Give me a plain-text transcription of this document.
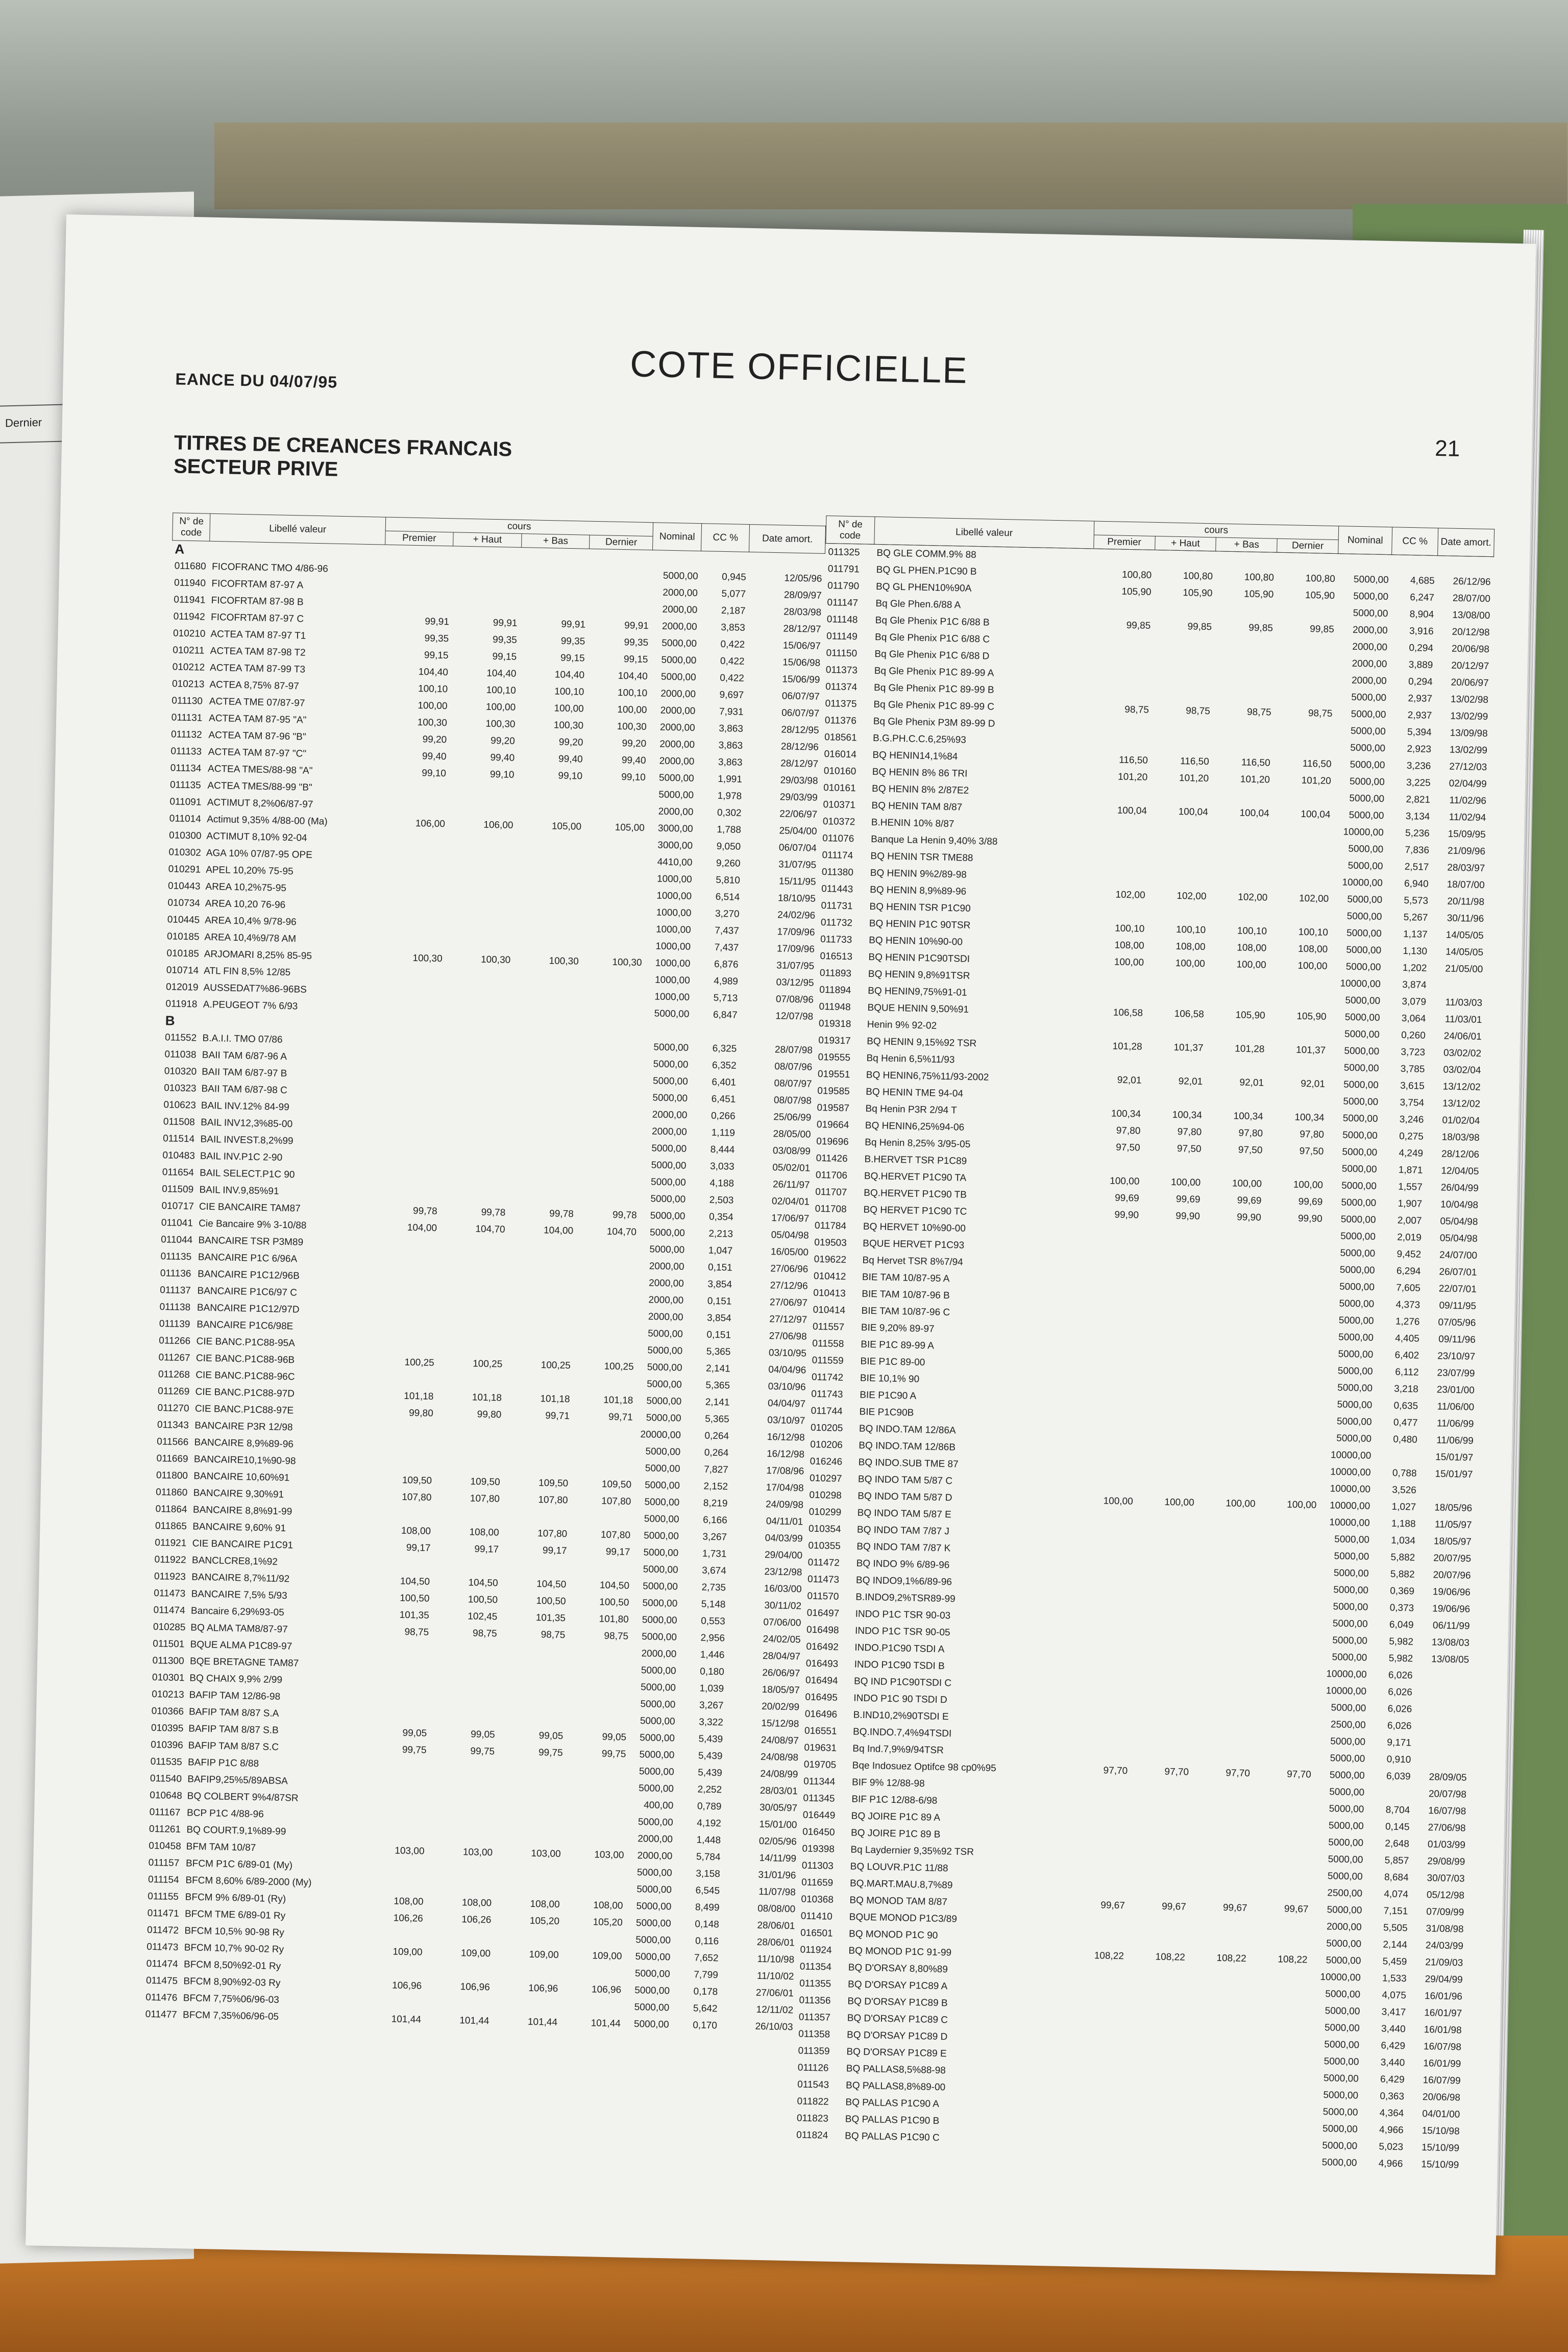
Dernier
EANCE DU 04/07/95	COTE OFFICIELLE
21
TITRES DE CREANCES FRANCAIS
SECTEUR PRIVE
N° de code	Libellé valeur	cours				Nominal	CC %	Date amort.
		Premier	+ Haut	+ Bas	Dernier			
A								
011680	FICOFRANC TMO 4/86-96					5000,00	0,945	12/05/96
011940	FICOFRTAM 87-97 A					2000,00	5,077	28/09/97
011941	FICOFRTAM 87-98 B					2000,00	2,187	28/03/98
011942	FICOFRTAM 87-97 C	99,91	99,91	99,91	99,91	2000,00	3,853	28/12/97
010210	ACTEA TAM 87-97 T1	99,35	99,35	99,35	99,35	5000,00	0,422	15/06/97
010211	ACTEA TAM 87-98 T2	99,15	99,15	99,15	99,15	5000,00	0,422	15/06/98
010212	ACTEA TAM 87-99 T3	104,40	104,40	104,40	104,40	5000,00	0,422	15/06/99
010213	ACTEA 8,75% 87-97	100,10	100,10	100,10	100,10	2000,00	9,697	06/07/97
011130	ACTEA TME 07/87-97	100,00	100,00	100,00	100,00	2000,00	7,931	06/07/97
011131	ACTEA TAM 87-95 "A"	100,30	100,30	100,30	100,30	2000,00	3,863	28/12/95
011132	ACTEA TAM 87-96 "B"	99,20	99,20	99,20	99,20	2000,00	3,863	28/12/96
011133	ACTEA TAM 87-97 "C"	99,40	99,40	99,40	99,40	2000,00	3,863	28/12/97
011134	ACTEA TMES/88-98 "A"	99,10	99,10	99,10	99,10	5000,00	1,991	29/03/98
011135	ACTEA TMES/88-99 "B"					5000,00	1,978	29/03/99
011091	ACTIMUT 8,2%06/87-97					2000,00	0,302	22/06/97
011014	Actimut 9,35% 4/88-00 (Ma)	106,00	106,00	105,00	105,00	3000,00	1,788	25/04/00
010300	ACTIMUT 8,10% 92-04					3000,00	9,050	06/07/04
010302	AGA 10% 07/87-95 OPE					4410,00	9,260	31/07/95
010291	APEL 10,20% 75-95					1000,00	5,810	15/11/95
010443	AREA 10,2%75-95					1000,00	6,514	18/10/95
010734	AREA 10,20 76-96					1000,00	3,270	24/02/96
010445	AREA 10,4% 9/78-96					1000,00	7,437	17/09/96
010185	AREA 10,4%9/78 AM					1000,00	7,437	17/09/96
010185	ARJOMARI 8,25% 85-95	100,30	100,30	100,30	100,30	1000,00	6,876	31/07/95
010714	ATL FIN 8,5% 12/85					1000,00	4,989	03/12/95
012019	AUSSEDAT7%86-96BS					1000,00	5,713	07/08/96
011918	A.PEUGEOT 7% 6/93					5000,00	6,847	12/07/98
B								
011552	B.A.I.I. TMO 07/86					5000,00	6,325	28/07/98
011038	BAII TAM 6/87-96 A					5000,00	6,352	08/07/96
010320	BAII TAM 6/87-97 B					5000,00	6,401	08/07/97
010323	BAII TAM 6/87-98 C					5000,00	6,451	08/07/98
010623	BAIL INV.12% 84-99					2000,00	0,266	25/06/99
011508	BAIL INV12,3%85-00					2000,00	1,119	28/05/00
011514	BAIL INVEST.8,2%99					5000,00	8,444	03/08/99
010483	BAIL INV.P1C 2-90					5000,00	3,033	05/02/01
011654	BAIL SELECT.P1C 90					5000,00	4,188	26/11/97
011509	BAIL INV.9,85%91					5000,00	2,503	02/04/01
010717	CIE BANCAIRE TAM87	99,78	99,78	99,78	99,78	5000,00	0,354	17/06/97
011041	Cie Bancaire 9% 3-10/88	104,00	104,70	104,00	104,70	5000,00	2,213	05/04/98
011044	BANCAIRE TSR P3M89					5000,00	1,047	16/05/00
011135	BANCAIRE P1C 6/96A					2000,00	0,151	27/06/96
011136	BANCAIRE P1C12/96B					2000,00	3,854	27/12/96
011137	BANCAIRE P1C6/97 C					2000,00	0,151	27/06/97
011138	BANCAIRE P1C12/97D					2000,00	3,854	27/12/97
011139	BANCAIRE P1C6/98E					5000,00	0,151	27/06/98
011266	CIE BANC.P1C88-95A					5000,00	5,365	03/10/95
011267	CIE BANC.P1C88-96B	100,25	100,25	100,25	100,25	5000,00	2,141	04/04/96
011268	CIE BANC.P1C88-96C					5000,00	5,365	03/10/96
011269	CIE BANC.P1C88-97D	101,18	101,18	101,18	101,18	5000,00	2,141	04/04/97
011270	CIE BANC.P1C88-97E	99,80	99,80	99,71	99,71	5000,00	5,365	03/10/97
011343	BANCAIRE P3R 12/98					20000,00	0,264	16/12/98
011566	BANCAIRE 8,9%89-96					5000,00	0,264	16/12/98
011669	BANCAIRE10,1%90-98					5000,00	7,827	17/08/96
011800	BANCAIRE 10,60%91	109,50	109,50	109,50	109,50	5000,00	2,152	17/04/98
011860	BANCAIRE 9,30%91	107,80	107,80	107,80	107,80	5000,00	8,219	24/09/98
011864	BANCAIRE 8,8%91-99					5000,00	6,166	04/11/01
011865	BANCAIRE 9,60% 91	108,00	108,00	107,80	107,80	5000,00	3,267	04/03/99
011921	CIE BANCAIRE P1C91	99,17	99,17	99,17	99,17	5000,00	1,731	29/04/00
011922	BANCLCRE8,1%92					5000,00	3,674	23/12/98
011923	BANCAIRE 8,7%11/92	104,50	104,50	104,50	104,50	5000,00	2,735	16/03/00
011473	BANCAIRE 7,5% 5/93	100,50	100,50	100,50	100,50	5000,00	5,148	30/11/02
011474	Bancaire 6,29%93-05	101,35	102,45	101,35	101,80	5000,00	0,553	07/06/00
010285	BQ ALMA TAM8/87-97	98,75	98,75	98,75	98,75	5000,00	2,956	24/02/05
011501	BQUE ALMA P1C89-97					2000,00	1,446	28/04/97
011300	BQE BRETAGNE TAM87					5000,00	0,180	26/06/97
010301	BQ CHAIX 9,9% 2/99					5000,00	1,039	18/05/97
010213	BAFIP TAM 12/86-98					5000,00	3,267	20/02/99
010366	BAFIP TAM 8/87 S.A					5000,00	3,322	15/12/98
010395	BAFIP TAM 8/87 S.B	99,05	99,05	99,05	99,05	5000,00	5,439	24/08/97
010396	BAFIP TAM 8/87 S.C	99,75	99,75	99,75	99,75	5000,00	5,439	24/08/98
011535	BAFIP P1C 8/88					5000,00	5,439	24/08/99
011540	BAFIP9,25%5/89ABSA					5000,00	2,252	28/03/01
010648	BQ COLBERT 9%4/87SR					400,00	0,789	30/05/97
011167	BCP P1C 4/88-96					5000,00	4,192	15/01/00
011261	BQ COURT.9,1%89-99					2000,00	1,448	02/05/96
010458	BFM TAM 10/87	103,00	103,00	103,00	103,00	2000,00	5,784	14/11/99
011157	BFCM P1C 6/89-01 (My)					5000,00	3,158	31/01/96
011154	BFCM 8,60% 6/89-2000 (My)					5000,00	6,545	11/07/98
011155	BFCM 9% 6/89-01 (Ry)	108,00	108,00	108,00	108,00	5000,00	8,499	08/08/00
011471	BFCM TME 6/89-01 Ry	106,26	106,26	105,20	105,20	5000,00	0,148	28/06/01
011472	BFCM 10,5% 90-98 Ry					5000,00	0,116	28/06/01
011473	BFCM 10,7% 90-02 Ry	109,00	109,00	109,00	109,00	5000,00	7,652	11/10/98
011474	BFCM 8,50%92-01 Ry					5000,00	7,799	11/10/02
011475	BFCM 8,90%92-03 Ry	106,96	106,96	106,96	106,96	5000,00	0,178	27/06/01
011476	BFCM 7,75%06/96-03					5000,00	5,642	12/11/02
011477	BFCM 7,35%06/96-05	101,44	101,44	101,44	101,44	5000,00	0,170	26/10/03
N° de code	Libellé valeur	cours				Nominal	CC %	Date amort.
		Premier	+ Haut	+ Bas	Dernier			
011325	BQ GLE COMM.9% 88							
011791	BQ GL PHEN.P1C90 B	100,80	100,80	100,80	100,80	5000,00	4,685	26/12/96
011790	BQ GL PHEN10%90A	105,90	105,90	105,90	105,90	5000,00	6,247	28/07/00
011147	Bq Gle Phen.6/88 A					5000,00	8,904	13/08/00
011148	Bq Gle Phenix P1C 6/88 B	99,85	99,85	99,85	99,85	2000,00	3,916	20/12/98
011149	Bq Gle Phenix P1C 6/88 C					2000,00	0,294	20/06/98
011150	Bq Gle Phenix P1C 6/88 D					2000,00	3,889	20/12/97
011373	Bq Gle Phenix P1C 89-99 A					2000,00	0,294	20/06/97
011374	Bq Gle Phenix P1C 89-99 B					5000,00	2,937	13/02/98
011375	Bq Gle Phenix P1C 89-99 C	98,75	98,75	98,75	98,75	5000,00	2,937	13/02/99
011376	Bq Gle Phenix P3M 89-99 D					5000,00	5,394	13/09/98
018561	B.G.PH.C.C.6,25%93					5000,00	2,923	13/02/99
016014	BQ HENIN14,1%84	116,50	116,50	116,50	116,50	5000,00	3,236	27/12/03
010160	BQ HENIN 8% 86 TRI	101,20	101,20	101,20	101,20	5000,00	3,225	02/04/99
010161	BQ HENIN 8% 2/87E2					5000,00	2,821	11/02/96
010371	BQ HENIN TAM 8/87	100,04	100,04	100,04	100,04	5000,00	3,134	11/02/94
010372	B.HENIN 10% 8/87					10000,00	5,236	15/09/95
011076	Banque La Henin 9,40% 3/88					5000,00	7,836	21/09/96
011174	BQ HENIN TSR TME88					5000,00	2,517	28/03/97
011380	BQ HENIN 9%2/89-98					10000,00	6,940	18/07/00
011443	BQ HENIN 8,9%89-96	102,00	102,00	102,00	102,00	5000,00	5,573	20/11/98
011731	BQ HENIN TSR P1C90					5000,00	5,267	30/11/96
011732	BQ HENIN P1C 90TSR	100,10	100,10	100,10	100,10	5000,00	1,137	14/05/05
011733	BQ HENIN 10%90-00	108,00	108,00	108,00	108,00	5000,00	1,130	14/05/05
016513	BQ HENIN P1C90TSDI	100,00	100,00	100,00	100,00	5000,00	1,202	21/05/00
011893	BQ HENIN 9,8%91TSR					10000,00	3,874	
011894	BQ HENIN9,75%91-01					5000,00	3,079	11/03/03
011948	BQUE HENIN 9,50%91	106,58	106,58	105,90	105,90	5000,00	3,064	11/03/01
019318	Henin 9% 92-02					5000,00	0,260	24/06/01
019317	BQ HENIN 9,15%92 TSR	101,28	101,37	101,28	101,37	5000,00	3,723	03/02/02
019555	Bq Henin 6,5%11/93					5000,00	3,785	03/02/04
019551	BQ HENIN6,75%11/93-2002	92,01	92,01	92,01	92,01	5000,00	3,615	13/12/02
019585	BQ HENIN TME 94-04					5000,00	3,754	13/12/02
019587	Bq Henin P3R 2/94 T	100,34	100,34	100,34	100,34	5000,00	3,246	01/02/04
019664	BQ HENIN6,25%94-06	97,80	97,80	97,80	97,80	5000,00	0,275	18/03/98
019696	Bq Henin 8,25% 3/95-05	97,50	97,50	97,50	97,50	5000,00	4,249	28/12/06
011426	B.HERVET TSR P1C89					5000,00	1,871	12/04/05
011706	BQ.HERVET P1C90 TA	100,00	100,00	100,00	100,00	5000,00	1,557	26/04/99
011707	BQ.HERVET P1C90 TB	99,69	99,69	99,69	99,69	5000,00	1,907	10/04/98
011708	BQ HERVET P1C90 TC	99,90	99,90	99,90	99,90	5000,00	2,007	05/04/98
011784	BQ HERVET 10%90-00					5000,00	2,019	05/04/98
019503	BQUE HERVET P1C93					5000,00	9,452	24/07/00
019622	Bq Hervet TSR 8%7/94					5000,00	6,294	26/07/01
010412	BIE TAM 10/87-95 A					5000,00	7,605	22/07/01
010413	BIE TAM 10/87-96 B					5000,00	4,373	09/11/95
010414	BIE TAM 10/87-96 C					5000,00	1,276	07/05/96
011557	BIE 9,20% 89-97					5000,00	4,405	09/11/96
011558	BIE P1C 89-99 A					5000,00	6,402	23/10/97
011559	BIE P1C 89-00					5000,00	6,112	23/07/99
011742	BIE 10,1% 90					5000,00	3,218	23/01/00
011743	BIE P1C90 A					5000,00	0,635	11/06/00
011744	BIE P1C90B					5000,00	0,477	11/06/99
010205	BQ INDO.TAM 12/86A					5000,00	0,480	11/06/99
010206	BQ INDO.TAM 12/86B					10000,00		15/01/97
016246	BQ INDO.SUB TME 87					10000,00	0,788	15/01/97
010297	BQ INDO TAM 5/87 C					10000,00	3,526	
010298	BQ INDO TAM 5/87 D	100,00	100,00	100,00	100,00	10000,00	1,027	18/05/96
010299	BQ INDO TAM 5/87 E					10000,00	1,188	11/05/97
010354	BQ INDO TAM 7/87 J					5000,00	1,034	18/05/97
010355	BQ INDO TAM 7/87 K					5000,00	5,882	20/07/95
011472	BQ INDO 9% 6/89-96					5000,00	5,882	20/07/96
011473	BQ INDO9,1%6/89-96					5000,00	0,369	19/06/96
011570	B.INDO9,2%TSR89-99					5000,00	0,373	19/06/96
016497	INDO P1C TSR 90-03					5000,00	6,049	06/11/99
016498	INDO P1C TSR 90-05					5000,00	5,982	13/08/03
016492	INDO.P1C90 TSDI A					5000,00	5,982	13/08/05
016493	INDO P1C90 TSDI B					10000,00	6,026	
016494	BQ IND P1C90TSDI C					10000,00	6,026	
016495	INDO P1C 90 TSDI D					5000,00	6,026	
016496	B.IND10,2%90TSDI E					2500,00	6,026	
016551	BQ.INDO.7,4%94TSDI					5000,00	9,171	
019631	Bq Ind.7,9%9/94TSR					5000,00	0,910	
019705	Bqe Indosuez Optifce 98 cp0%95	97,70	97,70	97,70	97,70	5000,00	6,039	28/09/05
011344	BIF 9% 12/88-98					5000,00		20/07/98
011345	BIF P1C 12/88-6/98					5000,00	8,704	16/07/98
016449	BQ JOIRE P1C 89 A					5000,00	0,145	27/06/98
016450	BQ JOIRE P1C 89 B					5000,00	2,648	01/03/99
019398	Bq Laydernier 9,35%92 TSR					5000,00	5,857	29/08/99
011303	BQ LOUVR.P1C 11/88					5000,00	8,684	30/07/03
011659	BQ.MART.MAU.8,7%89					2500,00	4,074	05/12/98
010368	BQ MONOD TAM 8/87	99,67	99,67	99,67	99,67	5000,00	7,151	07/09/99
011410	BQUE MONOD P1C3/89					2000,00	5,505	31/08/98
016501	BQ MONOD P1C 90					5000,00	2,144	24/03/99
011924	BQ MONOD P1C 91-99	108,22	108,22	108,22	108,22	5000,00	5,459	21/09/03
011354	BQ D'ORSAY 8,80%89					10000,00	1,533	29/04/99
011355	BQ D'ORSAY P1C89 A					5000,00	4,075	16/01/96
011356	BQ D'ORSAY P1C89 B					5000,00	3,417	16/01/97
011357	BQ D'ORSAY P1C89 C					5000,00	3,440	16/01/98
011358	BQ D'ORSAY P1C89 D					5000,00	6,429	16/07/98
011359	BQ D'ORSAY P1C89 E					5000,00	3,440	16/01/99
011126	BQ PALLAS8,5%88-98					5000,00	6,429	16/07/99
011543	BQ PALLAS8,8%89-00					5000,00	0,363	20/06/98
011822	BQ PALLAS P1C90 A					5000,00	4,364	04/01/00
011823	BQ PALLAS P1C90 B					5000,00	4,966	15/10/98
011824	BQ PALLAS P1C90 C					5000,00	5,023	15/10/99
						5000,00	4,966	15/10/99
